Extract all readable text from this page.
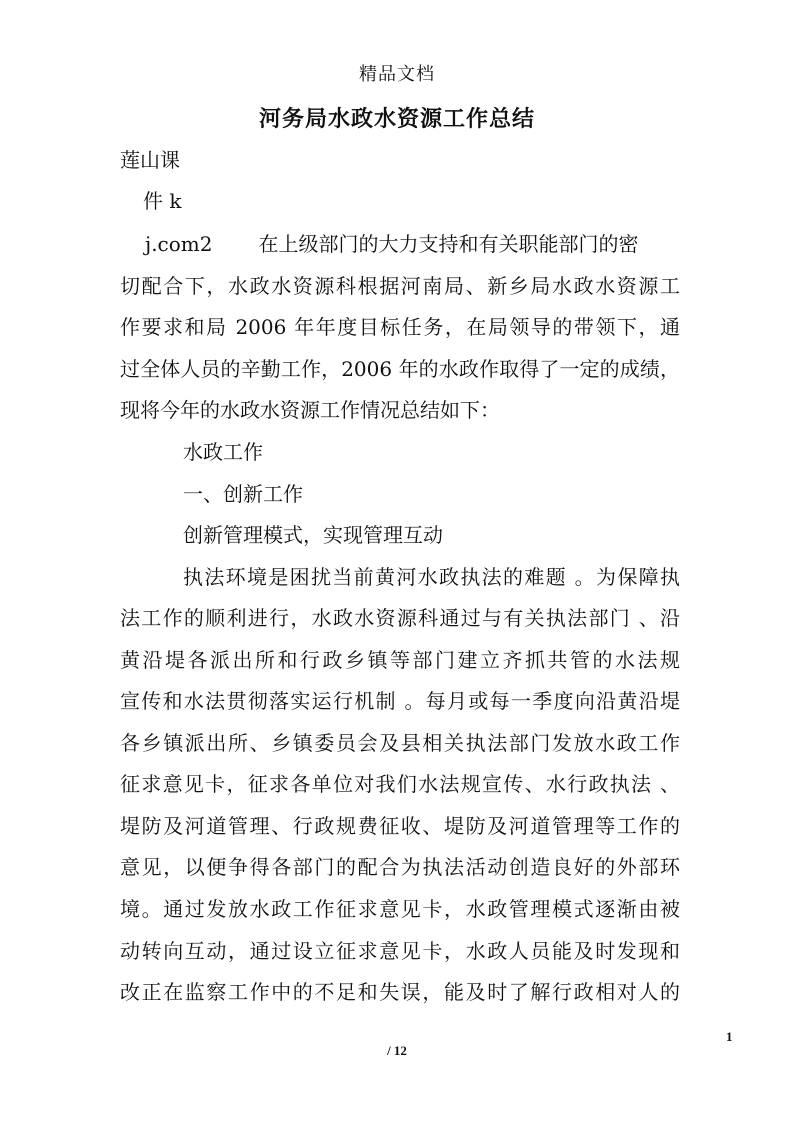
精品文档
河务局水政水资源工作总结
莲山课
件 k
j.com2 在上级部门的大力支持和有关职能部门的密
切配合下，水政水资源科根据河南局、新乡局水政水资源工
作要求和局 2006 年年度目标任务，在局领导的带领下，通
过全体人员的辛勤工作，2006 年的水政作取得了一定的成绩，
现将今年的水政水资源工作情况总结如下：
水政工作
一、创新工作
创新管理模式，实现管理互动
执法环境是困扰当前黄河水政执法的难题 。为保障执
法工作的顺利进行，水政水资源科通过与有关执法部门 、沿
黄沿堤各派出所和行政乡镇等部门建立齐抓共管的水法规
宣传和水法贯彻落实运行机制 。每月或每一季度向沿黄沿堤
各乡镇派出所、乡镇委员会及县相关执法部门发放水政工作
征求意见卡，征求各单位对我们水法规宣传、水行政执法 、
堤防及河道管理、行政规费征收、堤防及河道管理等工作的
意见，以便争得各部门的配合为执法活动创造良好的外部环
境。通过发放水政工作征求意见卡，水政管理模式逐渐由被
动转向互动，通过设立征求意见卡，水政人员能及时发现和
改正在监察工作中的不足和失误，能及时了解行政相对人的
1
/ 12
